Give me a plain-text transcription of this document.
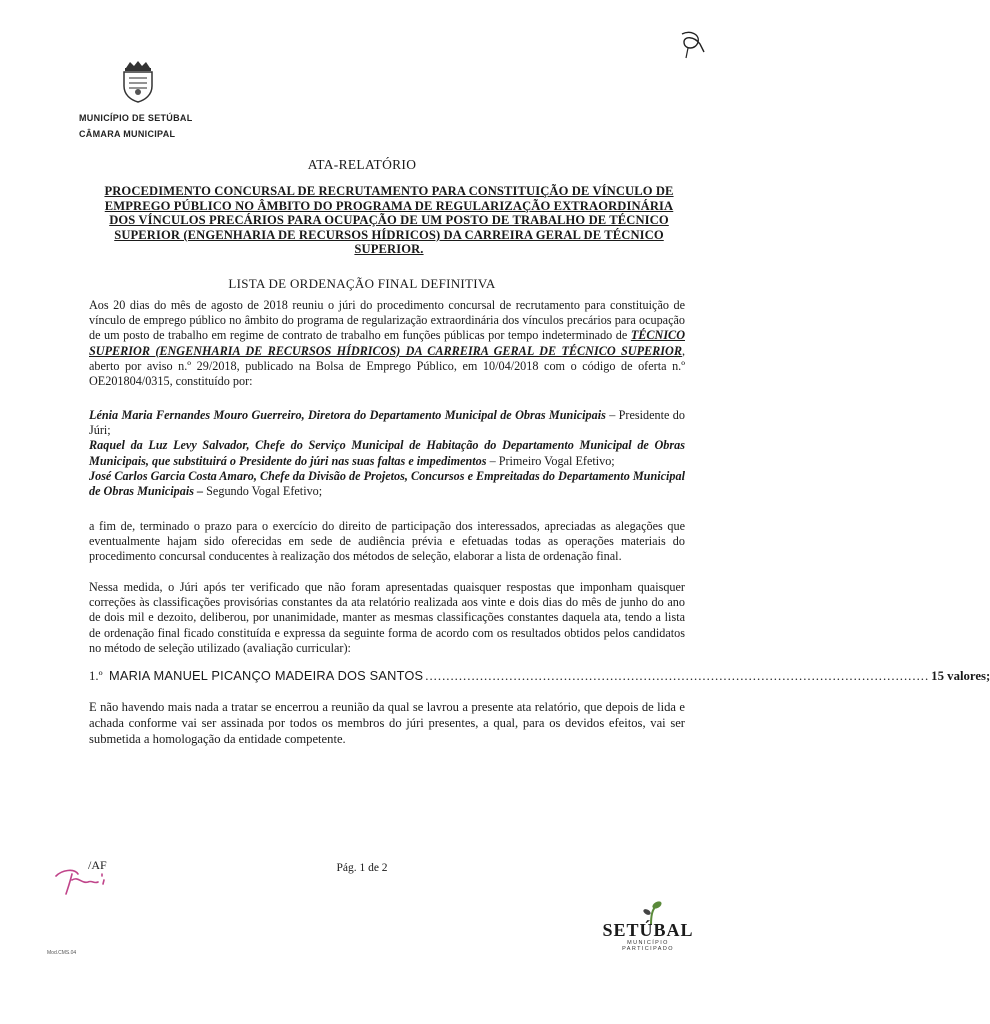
MUNICÍPIO DE SETÚBAL
CÂMARA MUNICIPAL
ATA-RELATÓRIO
PROCEDIMENTO CONCURSAL DE RECRUTAMENTO PARA CONSTITUIÇÃO DE VÍNCULO DE EMPREGO PÚBLICO NO ÂMBITO DO PROGRAMA DE REGULARIZAÇÃO EXTRAORDINÁRIA DOS VÍNCULOS PRECÁRIOS PARA OCUPAÇÃO DE UM POSTO DE TRABALHO DE TÉCNICO SUPERIOR (ENGENHARIA DE RECURSOS HÍDRICOS) DA CARREIRA GERAL DE TÉCNICO SUPERIOR.
LISTA DE ORDENAÇÃO FINAL DEFINITIVA
Aos 20 dias do mês de agosto de 2018 reuniu o júri do procedimento concursal de recrutamento para constituição de vínculo de emprego público no âmbito do programa de regularização extraordinária dos vínculos precários para ocupação de um posto de trabalho em regime de contrato de trabalho em funções públicas por tempo indeterminado de TÉCNICO SUPERIOR (ENGENHARIA DE RECURSOS HÍDRICOS) DA CARREIRA GERAL DE TÉCNICO SUPERIOR, aberto por aviso n.º 29/2018, publicado na Bolsa de Emprego Público, em 10/04/2018 com o código de oferta n.º OE201804/0315, constituído por:
Lénia Maria Fernandes Mouro Guerreiro, Diretora do Departamento Municipal de Obras Municipais – Presidente do Júri;
Raquel da Luz Levy Salvador, Chefe do Serviço Municipal de Habitação do Departamento Municipal de Obras Municipais, que substituirá o Presidente do júri nas suas faltas e impedimentos – Primeiro Vogal Efetivo;
José Carlos Garcia Costa Amaro, Chefe da Divisão de Projetos, Concursos e Empreitadas do Departamento Municipal de Obras Municipais – Segundo Vogal Efetivo;
a fim de, terminado o prazo para o exercício do direito de participação dos interessados, apreciadas as alegações que eventualmente hajam sido oferecidas em sede de audiência prévia e efetuadas todas as operações materiais do procedimento concursal conducentes à realização dos métodos de seleção, elaborar a lista de ordenação final.
Nessa medida, o Júri após ter verificado que não foram apresentadas quaisquer respostas que imponham quaisquer correções às classificações provisórias constantes da ata relatório realizada aos vinte e dois dias do mês de junho do ano de dois mil e dezoito, deliberou, por unanimidade, manter as mesmas classificações constantes daquela ata, tendo a lista de ordenação final ficado constituída e expressa da seguinte forma de acordo com os resultados obtidos pelos candidatos no método de seleção utilizado (avaliação curricular):
1.º
MARIA MANUEL PICANÇO MADEIRA DOS SANTOS ........................................................................................................................ 15 valores;
E não havendo mais nada a tratar se encerrou a reunião da qual se lavrou a presente ata relatório, que depois de lida e achada conforme vai ser assinada por todos os membros do júri presentes, a qual, para os devidos efeitos, vai ser submetida a homologação da entidade competente.
/AF	Pág. 1 de 2
SETÚBAL
MUNICÍPIO PARTICIPADO
Mod.CMS.04
